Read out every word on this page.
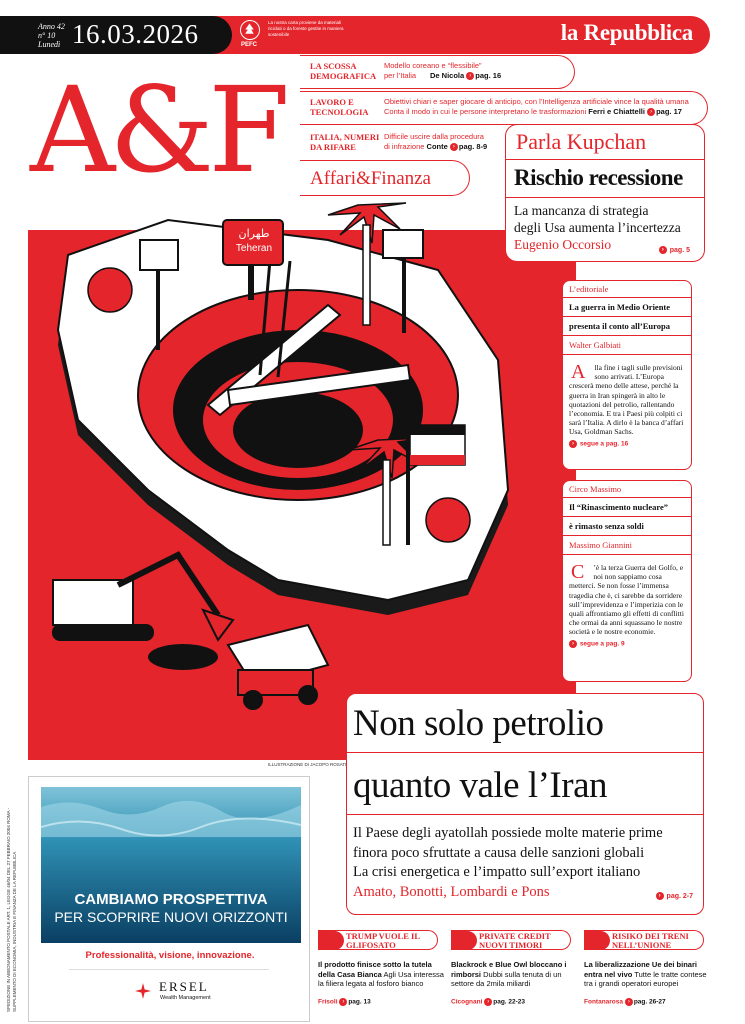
Anno 42
n° 10
Lunedì 16.03.2026	PEFC
La nostra carta proviene da materiali riciclati o da foreste gestite in maniera sostenibile	la Repubblica
LA SCOSSA DEMOGRAFICA
Modello coreano e “flessibile” per l’Italia	De Nicola › pag. 16
LAVORO E TECNOLOGIA
Obiettivi chiari e saper giocare di anticipo, con l’Intelligenza artificiale vince la qualità umana
Conta il modo in cui le persone interpretano le trasformazioni Ferri e Chiattelli › pag. 17
ITALIA, NUMERI DA RIFARE
Difficile uscire dalla procedura
di infrazione Conte › pag. 8-9
A&F Affari&Finanza
طهران
Teheran
ILLUSTRAZIONE DI JACOPO ROSATI
Parla Kupchan
Rischio recessione
La mancanza di strategia
degli Usa aumenta l’incertezza
Eugenio Occorsio	› pag. 5
L’editoriale
La guerra in Medio Oriente
presenta il conto all’Europa
Walter Galbiati
A lla fine i tagli sulle previsioni sono arrivati. L’Europa crescerà meno delle attese, perché la guerra in Iran spingerà in alto le quotazioni del petrolio, rallentando l’economia. E tra i Paesi più colpiti ci sarà l’Italia. A dirlo è la banca d’affari Usa, Goldman Sachs.
› segue a pag. 16
Circo Massimo
Il “Rinascimento nucleare”
è rimasto senza soldi
Massimo Giannini
C ’è la terza Guerra del Golfo, e noi non sappiamo cosa metterci. Se non fosse l’immensa tragedia che è, ci sarebbe da sorridere sull’imprevidenza e l’imperizia con le quali affrontiamo gli effetti di conflitti che ormai da anni squassano le nostre società e le nostre economie.
› segue a pag. 9
Non solo petrolio
quanto vale l’Iran
Il Paese degli ayatollah possiede molte materie prime
finora poco sfruttate a causa delle sanzioni globali
La crisi energetica e l’impatto sull’export italiano
Amato, Bonotti, Lombardi e Pons	› pag. 2-7
SPEDIZIONE IN ABBONAMENTO POSTALE ART. 1, LEGGE 46/04 DEL 27 FEBBRAIO 2004 ROMA - SUPPLEMENTO DI ECONOMIA, INDUSTRIA E FINANZA DE LA REPUBBLICA	CAMBIAMO PROSPETTIVA
PER SCOPRIRE NUOVI ORIZZONTI
Professionalità, visione, innovazione.
ERSEL
Wealth Management
TRUMP VUOLE IL GLIFOSATO
Il prodotto finisce sotto la tutela della Casa Bianca Agli Usa interessa la filiera legata al fosforo bianco
Frisoli › pag. 13
PRIVATE CREDIT NUOVI TIMORI
Blackrock e Blue Owl bloccano i rimborsi Dubbi sulla tenuta di un settore da 2mila miliardi
Cicognani › pag. 22-23
RISIKO DEI TRENI NELL’UNIONE
La liberalizzazione Ue dei binari entra nel vivo Tutte le tratte contese tra i grandi operatori europei
Fontanarosa › pag. 26-27
